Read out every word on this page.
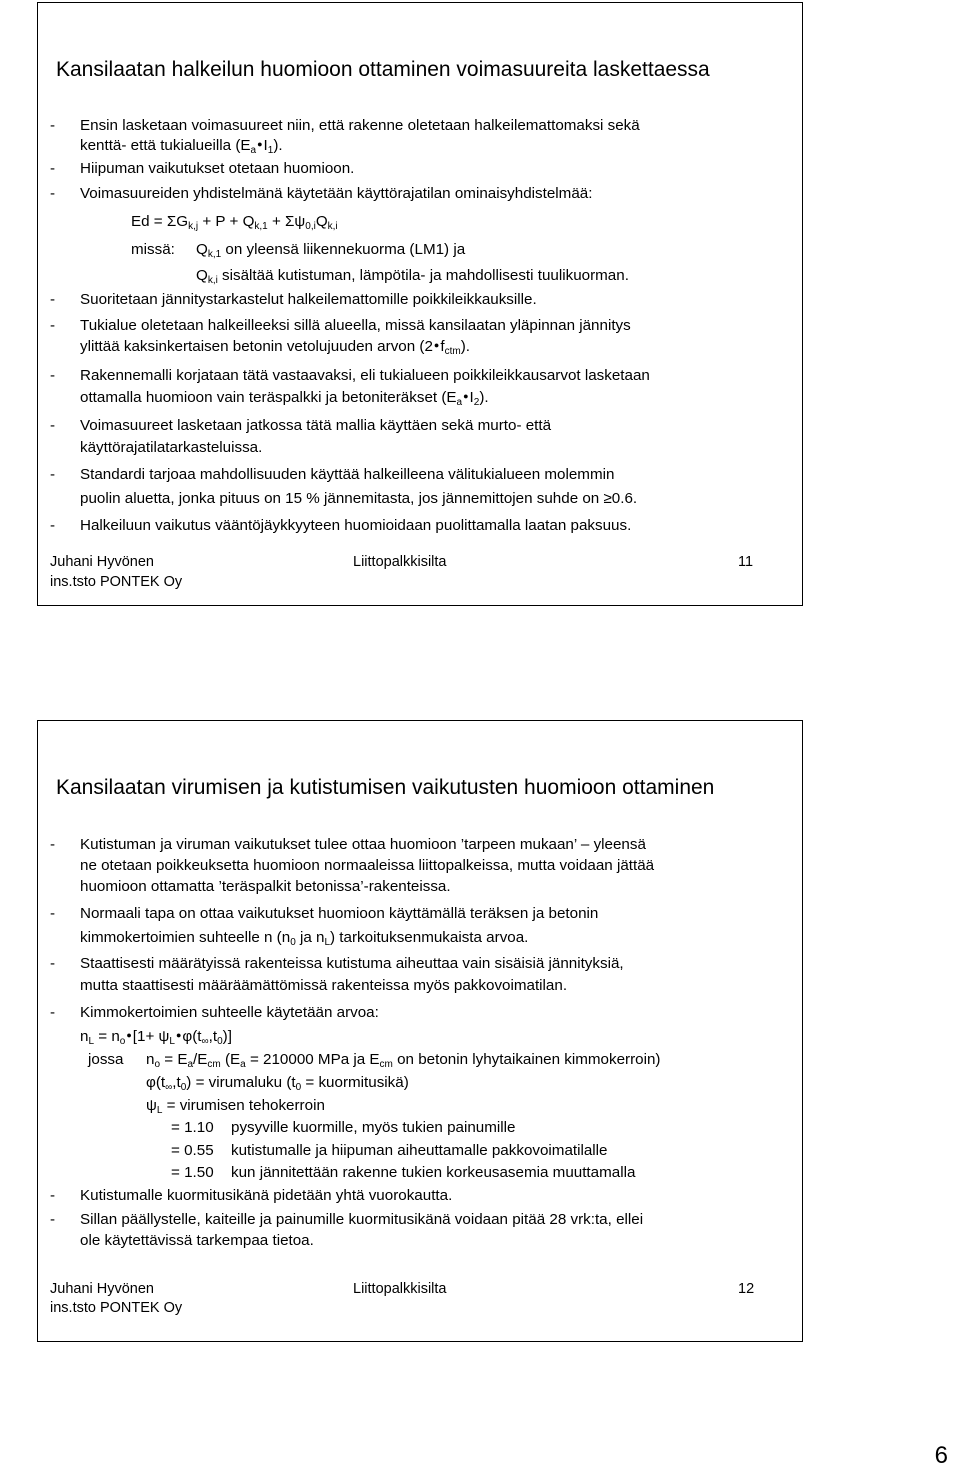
Kansilaatan halkeilun huomioon ottaminen voimasuureita laskettaessa
- Ensin lasketaan voimasuureet niin, että rakenne oletetaan halkeilemattomaksi sekä
kenttä- että tukialueilla $(E_a●I_1)$.
- Hiipuman vaikutukset otetaan huomioon.
- Voimasuureiden yhdistelmänä käytetään käyttörajatilan ominaisyhdistelmää:
$Ed = \Sigma G_{k,j} + P + Q_{k,1} + \Sigma\psi_{0,i}Q_{k,i}$
missä: $Q_{k,1}$ on yleensä liikennekuorma (LM1) ja
$Q_{k,i}$ sisältää kutistuman, lämpötila- ja mahdollisesti tuulikuorman.
- Suoritetaan jännitystarkastelut halkeilemattomille poikkileikkauksille.
- Tukialue oletetaan halkeilleeksi sillä alueella, missä kansilaatan yläpinnan jännitys
ylittää kaksinkertaisen betonin vetolujuuden arvon $(2●f_{ctm})$.
- Rakennemalli korjataan tätä vastaavaksi, eli tukialueen poikkileikkausarvot lasketaan
ottamalla huomioon vain teräspalkki ja betoniteräkset $(E_a●I_2)$.
- Voimasuureet lasketaan jatkossa tätä mallia käyttäen sekä murto- että
käyttörajatilatarkasteluissa.
- Standardi tarjoaa mahdollisuuden käyttää halkeilleena välitukialueen molemmin
puolin aluetta, jonka pituus on 15 % jännemitasta, jos jännemittojen suhde on ≥0.6.
- Halkeiluun vaikutus vääntöjäykkyyteen huomioidaan puolittamalla laatan paksuus.
Juhani Hyvönen
ins.tsto PONTEK Oy
Liittopalkkisilta	11
Kansilaatan virumisen ja kutistumisen vaikutusten huomioon ottaminen
- Kutistuman ja viruman vaikutukset tulee ottaa huomioon ’tarpeen mukaan’ – yleensä
ne otetaan poikkeuksetta huomioon normaaleissa liittopalkeissa, mutta voidaan jättää
huomioon ottamatta ’teräspalkit betonissa’-rakenteissa.
- Normaali tapa on ottaa vaikutukset huomioon käyttämällä teräksen ja betonin
kimmokertoimien suhteelle n ($n_0$ ja $n_L$) tarkoituksenmukaista arvoa.
- Staattisesti määrätyissä rakenteissa kutistuma aiheuttaa vain sisäisiä jännityksiä,
mutta staattisesti määräämättömissä rakenteissa myös pakkovoimatilan.
- Kimmokertoimien suhteelle käytetään arvoa:
$n_L$ = $n_o●[1+$ $\psi_L●\varphi(t_\infty,t_0)$]
jossa $n_o = E_a/E_{cm}$ ($E_a = 210000$ MPa ja $E_{cm}$ on betonin lyhytaikainen kimmokerroin)
$\varphi(t_\infty,t_0)$ = virumaluku ($t_0$ = kuormitusikä)
$\psi_L$ = virumisen tehokerroin
= 1.10 pysyville kuormille, myös tukien painumille
= 0.55 kutistumalle ja hiipuman aiheuttamalle pakkovoimatilalle
= 1.50 kun jännitettään rakenne tukien korkeusasemia muuttamalla
- Kutistumalle kuormitusikänä pidetään yhtä vuorokautta.
- Sillan päällystelle, kaiteille ja painumille kuormitusikänä voidaan pitää 28 vrk:ta, ellei
ole käytettävissä tarkempaa tietoa.
Juhani Hyvönen
ins.tsto PONTEK Oy
Liittopalkkisilta	12
6
